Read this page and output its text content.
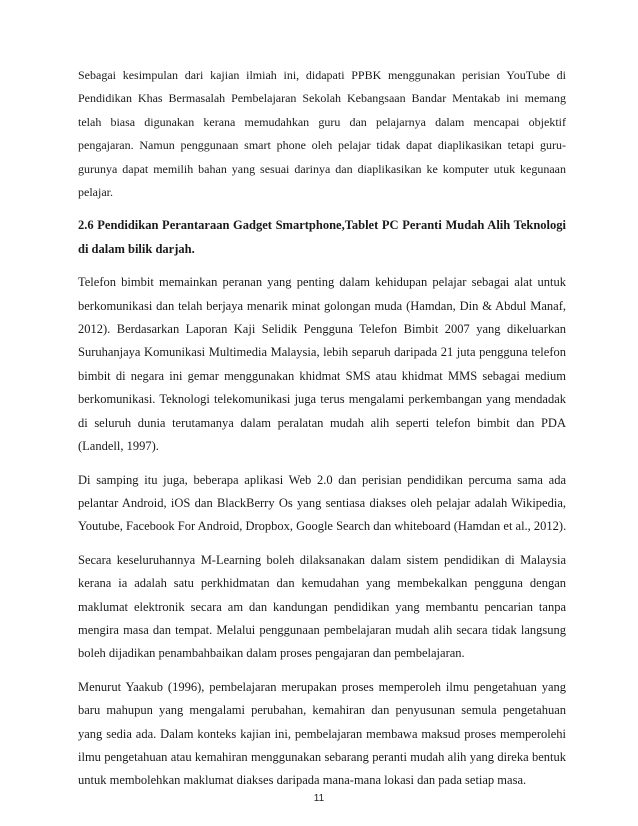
Sebagai kesimpulan dari kajian ilmiah ini, didapati PPBK menggunakan perisian YouTube di
Pendidikan Khas Bermasalah Pembelajaran Sekolah Kebangsaan Bandar Mentakab ini memang
telah biasa digunakan kerana memudahkan guru dan pelajarnya dalam mencapai objektif
pengajaran. Namun penggunaan smart phone oleh pelajar tidak dapat diaplikasikan tetapi guru-
gurunya dapat memilih bahan yang sesuai darinya dan diaplikasikan ke komputer utuk kegunaan
pelajar.
2.6 Pendidikan Perantaraan Gadget Smartphone,Tablet PC Peranti Mudah Alih Teknologi
di dalam bilik darjah.
Telefon bimbit memainkan peranan yang penting dalam kehidupan pelajar sebagai alat untuk
berkomunikasi dan telah berjaya menarik minat golongan muda (Hamdan, Din & Abdul Manaf,
2012). Berdasarkan Laporan Kaji Selidik Pengguna Telefon Bimbit 2007 yang dikeluarkan
Suruhanjaya Komunikasi Multimedia Malaysia, lebih separuh daripada 21 juta pengguna telefon
bimbit di negara ini gemar menggunakan khidmat SMS atau khidmat MMS sebagai medium
berkomunikasi. Teknologi telekomunikasi juga terus mengalami perkembangan yang mendadak
di seluruh dunia terutamanya dalam peralatan mudah alih seperti telefon bimbit dan PDA
(Landell, 1997).
Di samping itu juga, beberapa aplikasi Web 2.0 dan perisian pendidikan percuma sama ada
pelantar Android, iOS dan BlackBerry Os yang sentiasa diakses oleh pelajar adalah Wikipedia,
Youtube, Facebook For Android, Dropbox, Google Search dan whiteboard (Hamdan et al., 2012).
Secara keseluruhannya M-Learning boleh dilaksanakan dalam sistem pendidikan di Malaysia
kerana ia adalah satu perkhidmatan dan kemudahan yang membekalkan pengguna dengan
maklumat elektronik secara am dan kandungan pendidikan yang membantu pencarian tanpa
mengira masa dan tempat. Melalui penggunaan pembelajaran mudah alih secara tidak langsung
boleh dijadikan penambahbaikan dalam proses pengajaran dan pembelajaran.
Menurut Yaakub (1996), pembelajaran merupakan proses memperoleh ilmu pengetahuan yang
baru mahupun yang mengalami perubahan, kemahiran dan penyusunan semula pengetahuan
yang sedia ada. Dalam konteks kajian ini, pembelajaran membawa maksud proses memperolehi
ilmu pengetahuan atau kemahiran menggunakan sebarang peranti mudah alih yang direka bentuk
untuk membolehkan maklumat diakses daripada mana-mana lokasi dan pada setiap masa.
11
